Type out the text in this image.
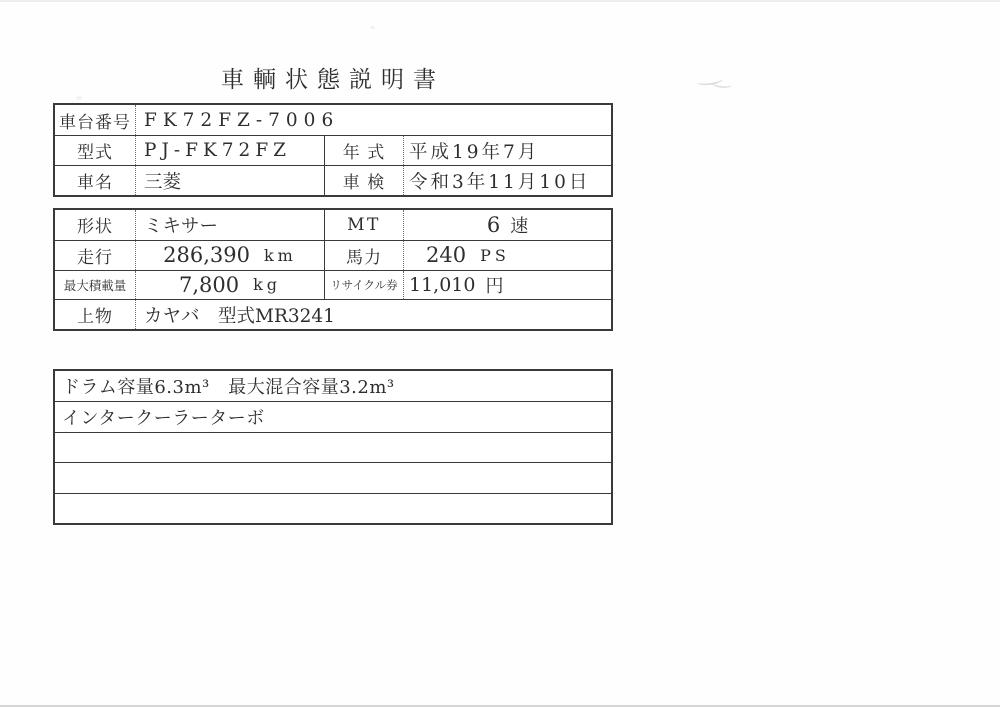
車輌状態説明書
車台番号 FK72FZ-7006
型式	PJ-FK72FZ	年 式	平成19年7月
車名	三菱	車 検	令和3年11月10日
形状	ミキサー	MT	6 速
走行	286,390 km	馬力	240 PS
最大積載量	7,800 kg	リサイクル券 11,010 円
上物	カヤバ　型式MR3241
ドラム容量6.3m³　最大混合容量3.2m³
インタークーラーターボ
